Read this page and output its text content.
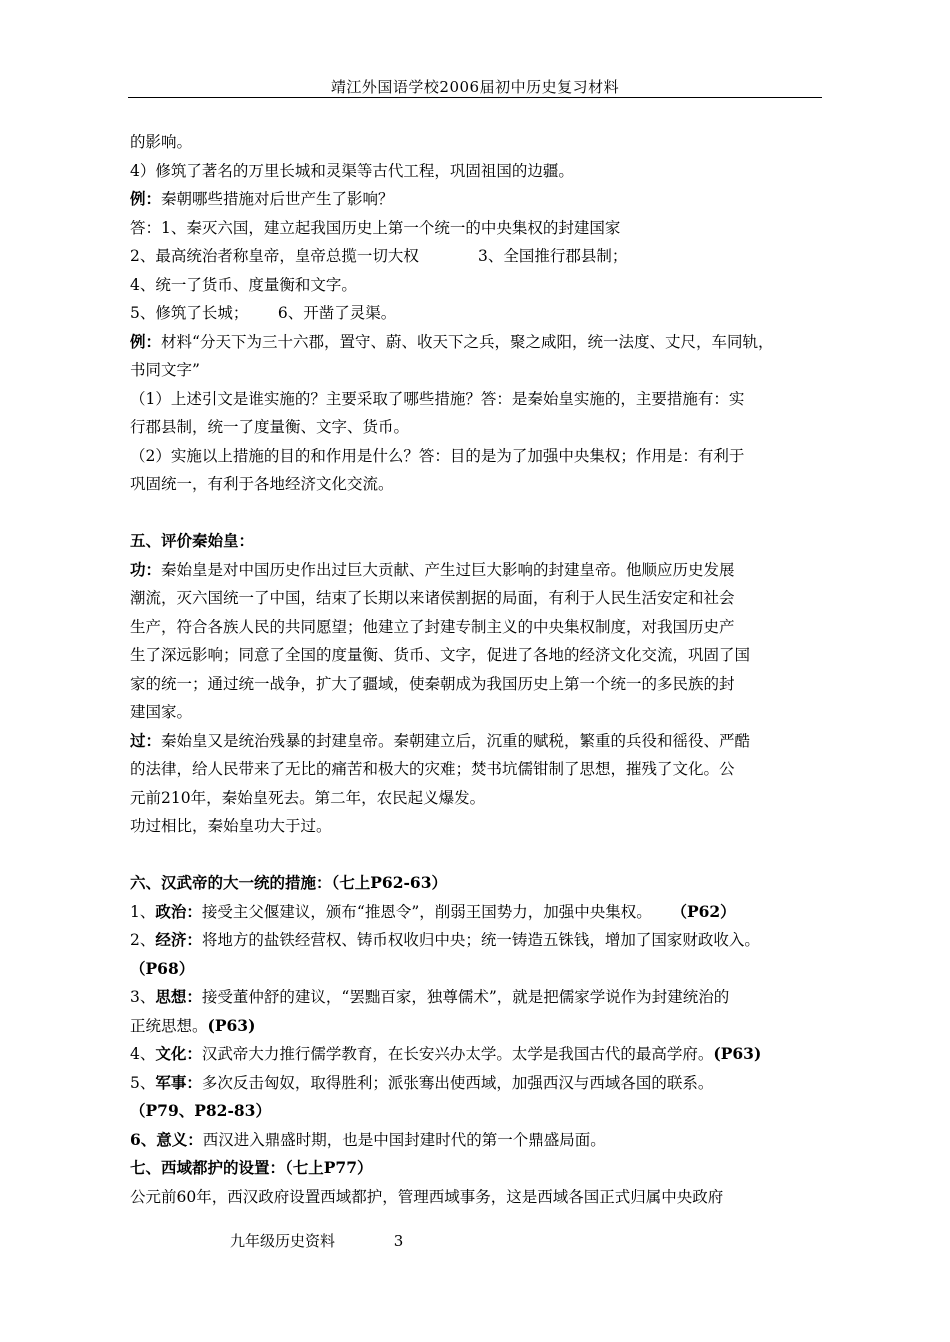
靖江外国语学校2006届初中历史复习材料

的影响。

4）修筑了著名的万里长城和灵渠等古代工程，巩固祖国的边疆。

例：秦朝哪些措施对后世产生了影响？

答：1、秦灭六国，建立起我国历史上第一个统一的中央集权的封建国家

2、最高统治者称皇帝，皇帝总揽一切大权            3、全国推行郡县制；

4、统一了货币、度量衡和文字。

5、修筑了长城；      6、开凿了灵渠。

例：材料“分天下为三十六郡，置守、蔚、收天下之兵，聚之咸阳，统一法度、丈尺，车同轨，

书同文字”

（1）上述引文是谁实施的？主要采取了哪些措施？答：是秦始皇实施的，主要措施有：实

行郡县制，统一了度量衡、文字、货币。

（2）实施以上措施的目的和作用是什么？答：目的是为了加强中央集权；作用是：有利于

巩固统一，有利于各地经济文化交流。

五、评价秦始皇：

功：秦始皇是对中国历史作出过巨大贡献、产生过巨大影响的封建皇帝。他顺应历史发展

潮流，灭六国统一了中国，结束了长期以来诸侯割据的局面，有利于人民生活安定和社会

生产，符合各族人民的共同愿望；他建立了封建专制主义的中央集权制度，对我国历史产

生了深远影响；同意了全国的度量衡、货币、文字，促进了各地的经济文化交流，巩固了国

家的统一；通过统一战争，扩大了疆域，使秦朝成为我国历史上第一个统一的多民族的封

建国家。

过：秦始皇又是统治残暴的封建皇帝。秦朝建立后，沉重的赋税，繁重的兵役和徭役、严酷

的法律，给人民带来了无比的痛苦和极大的灾难；焚书坑儒钳制了思想，摧残了文化。公

元前210年，秦始皇死去。第二年，农民起义爆发。

功过相比，秦始皇功大于过。

六、汉武帝的大一统的措施：（七上P62-63）

1、政治：接受主父偃建议，颁布“推恩令”，削弱王国势力，加强中央集权。    （P62）

2、经济：将地方的盐铁经营权、铸币权收归中央；统一铸造五铢钱，增加了国家财政收入。

（P68）

3、思想：接受董仲舒的建议，“罢黜百家，独尊儒术”，就是把儒家学说作为封建统治的

正统思想。(P63)

4、文化：汉武帝大力推行儒学教育，在长安兴办太学。太学是我国古代的最高学府。(P63)

5、军事：多次反击匈奴，取得胜利；派张骞出使西域，加强西汉与西域各国的联系。

（P79、P82-83）

6、意义：西汉进入鼎盛时期，也是中国封建时代的第一个鼎盛局面。

七、西域都护的设置：（七上P77）

公元前60年，西汉政府设置西域都护，管理西域事务，这是西域各国正式归属中央政府

九年级历史资料	3
